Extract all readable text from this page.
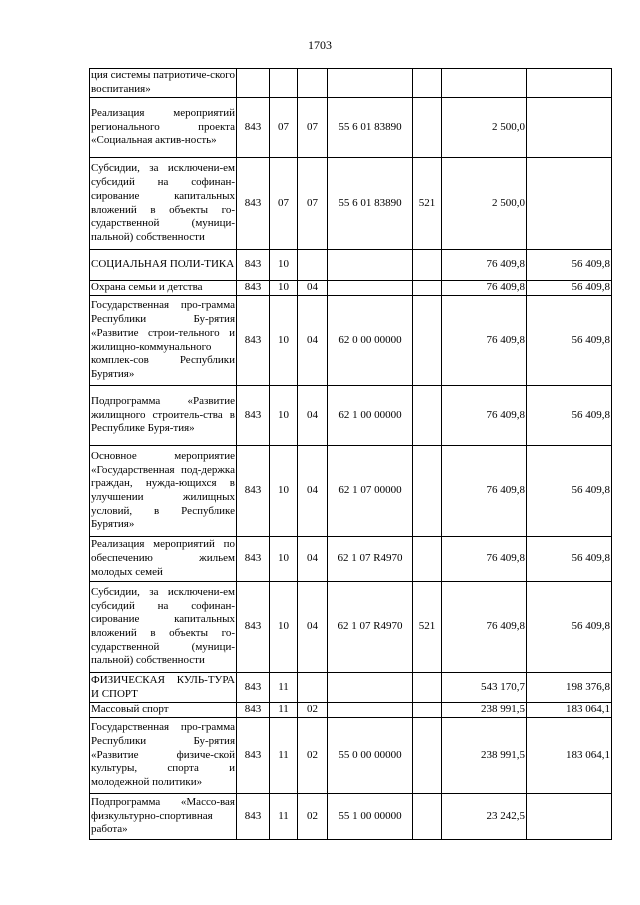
1703
ция системы патриотиче-ского воспитания»							
Реализация мероприятий регионального проекта «Социальная актив-ность»	843	07	07	55 6 01 83890		2 500,0	
Субсидии, за исключени-ем субсидий на софинан-сирование капитальных вложений в объекты го-сударственной (муници-пальной) собственности	843	07	07	55 6 01 83890	521	2 500,0	
СОЦИАЛЬНАЯ ПОЛИ-ТИКА	843	10				76 409,8	56 409,8
Охрана семьи и детства	843	10	04			76 409,8	56 409,8
Государственная про-грамма Республики Бу-рятия «Развитие строи-тельного и жилищно-коммунального комплек-сов Республики Бурятия»	843	10	04	62 0 00 00000		76 409,8	56 409,8
Подпрограмма «Развитие жилищного строитель-ства в Республике Буря-тия»	843	10	04	62 1 00 00000		76 409,8	56 409,8
Основное мероприятие «Государственная под-держка граждан, нужда-ющихся в улучшении жилищных условий, в Республике Бурятия»	843	10	04	62 1 07 00000		76 409,8	56 409,8
Реализация мероприятий по обеспечению жильем молодых семей	843	10	04	62 1 07 R4970		76 409,8	56 409,8
Субсидии, за исключени-ем субсидий на софинан-сирование капитальных вложений в объекты го-сударственной (муници-пальной) собственности	843	10	04	62 1 07 R4970	521	76 409,8	56 409,8
ФИЗИЧЕСКАЯ КУЛЬ-ТУРА И СПОРТ	843	11				543 170,7	198 376,8
Массовый спорт	843	11	02			238 991,5	183 064,1
Государственная про-грамма Республики Бу-рятия «Развитие физиче-ской культуры, спорта и молодежной политики»	843	11	02	55 0 00 00000		238 991,5	183 064,1
Подпрограмма «Массо-вая физкультурно-спортивная работа»	843	11	02	55 1 00 00000		23 242,5	
